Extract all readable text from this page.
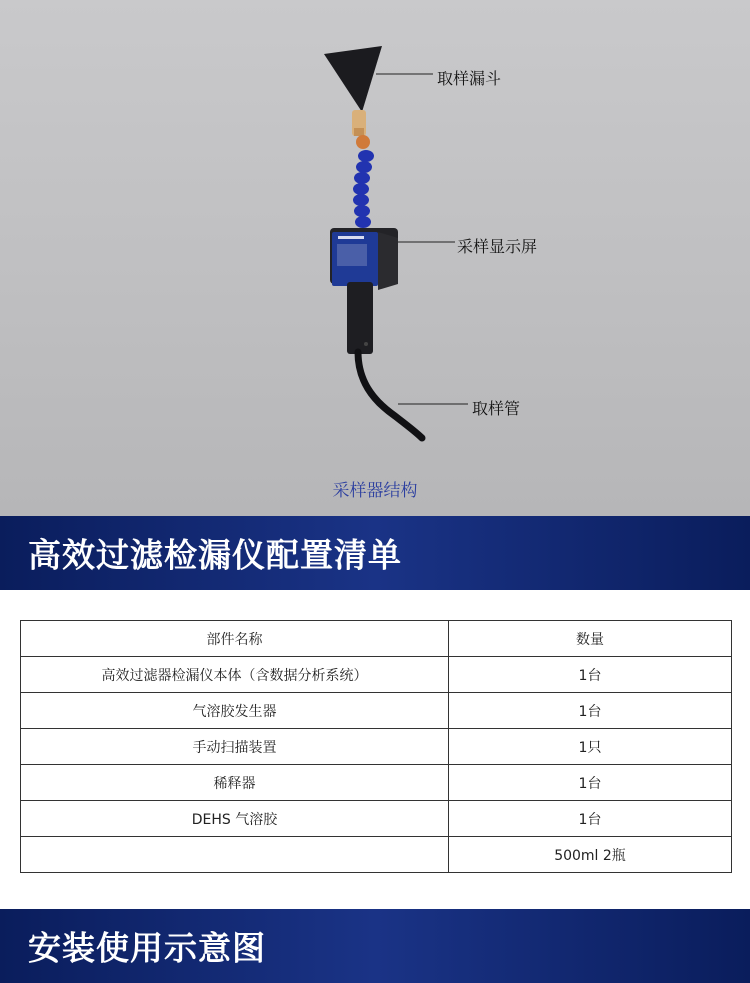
取样漏斗
采样显示屏
取样管
采样器结构
高效过滤检漏仪配置清单
部件名称	数量
高效过滤器检漏仪本体（含数据分析系统）	1台
气溶胶发生器	1台
手动扫描装置	1只
稀释器	1台
DEHS 气溶胶	1台
	500ml 2瓶
安装使用示意图
